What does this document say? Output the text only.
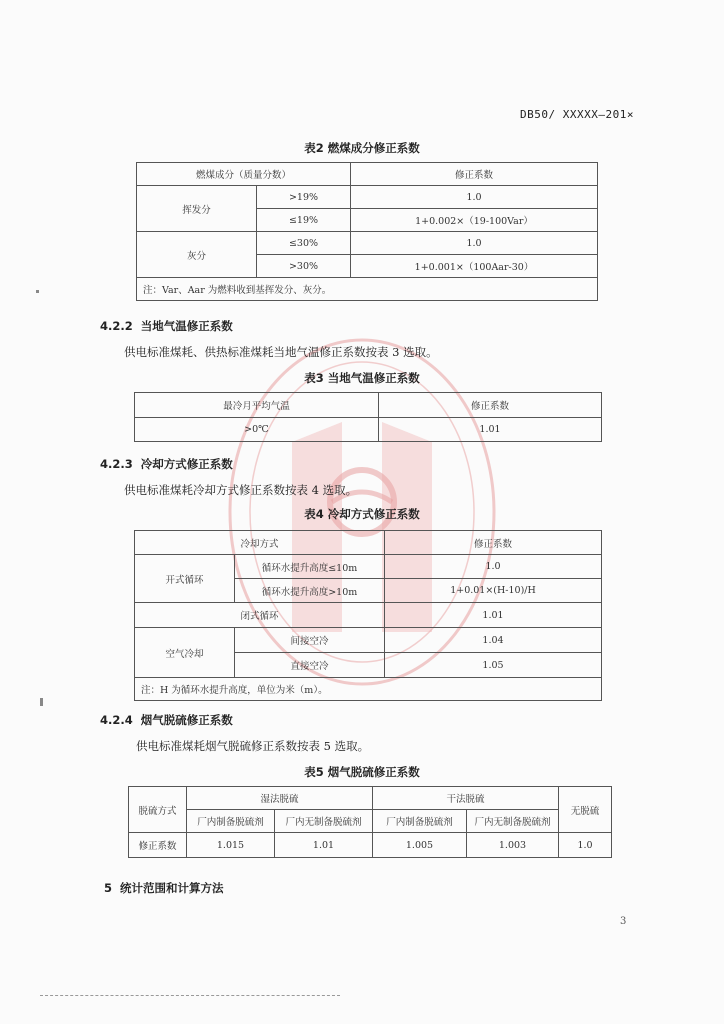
DB50/ XXXXX—201×
表2 燃煤成分修正系数
燃煤成分（质量分数）		修正系数
挥发分	>19%	1.0
	≤19%	1+0.002×（19-100Var）
灰分	≤30%	1.0
	>30%	1+0.001×（100Aar-30）
注：Var、Aar 为燃料收到基挥发分、灰分。		
4.2.2 当地气温修正系数
供电标准煤耗、供热标准煤耗当地气温修正系数按表 3 选取。
表3 当地气温修正系数
最冷月平均气温	修正系数
>0℃	1.01
4.2.3 冷却方式修正系数
供电标准煤耗冷却方式修正系数按表 4 选取。
表4 冷却方式修正系数
冷却方式		修正系数
开式循环	循环水提升高度≤10m	1.0
	循环水提升高度>10m	1+0.01×(H-10)/H
闭式循环		1.01
空气冷却	间接空冷	1.04
	直接空冷	1.05
注：H 为循环水提升高度，单位为米（m）。		
4.2.4 烟气脱硫修正系数
供电标准煤耗烟气脱硫修正系数按表 5 选取。
表5 烟气脱硫修正系数
脱硫方式	湿法脱硫		干法脱硫		无脱硫
	厂内制备脱硫剂	厂内无制备脱硫剂	厂内制备脱硫剂	厂内无制备脱硫剂	
修正系数	1.015	1.01	1.005	1.003	1.0
5 统计范围和计算方法
3
